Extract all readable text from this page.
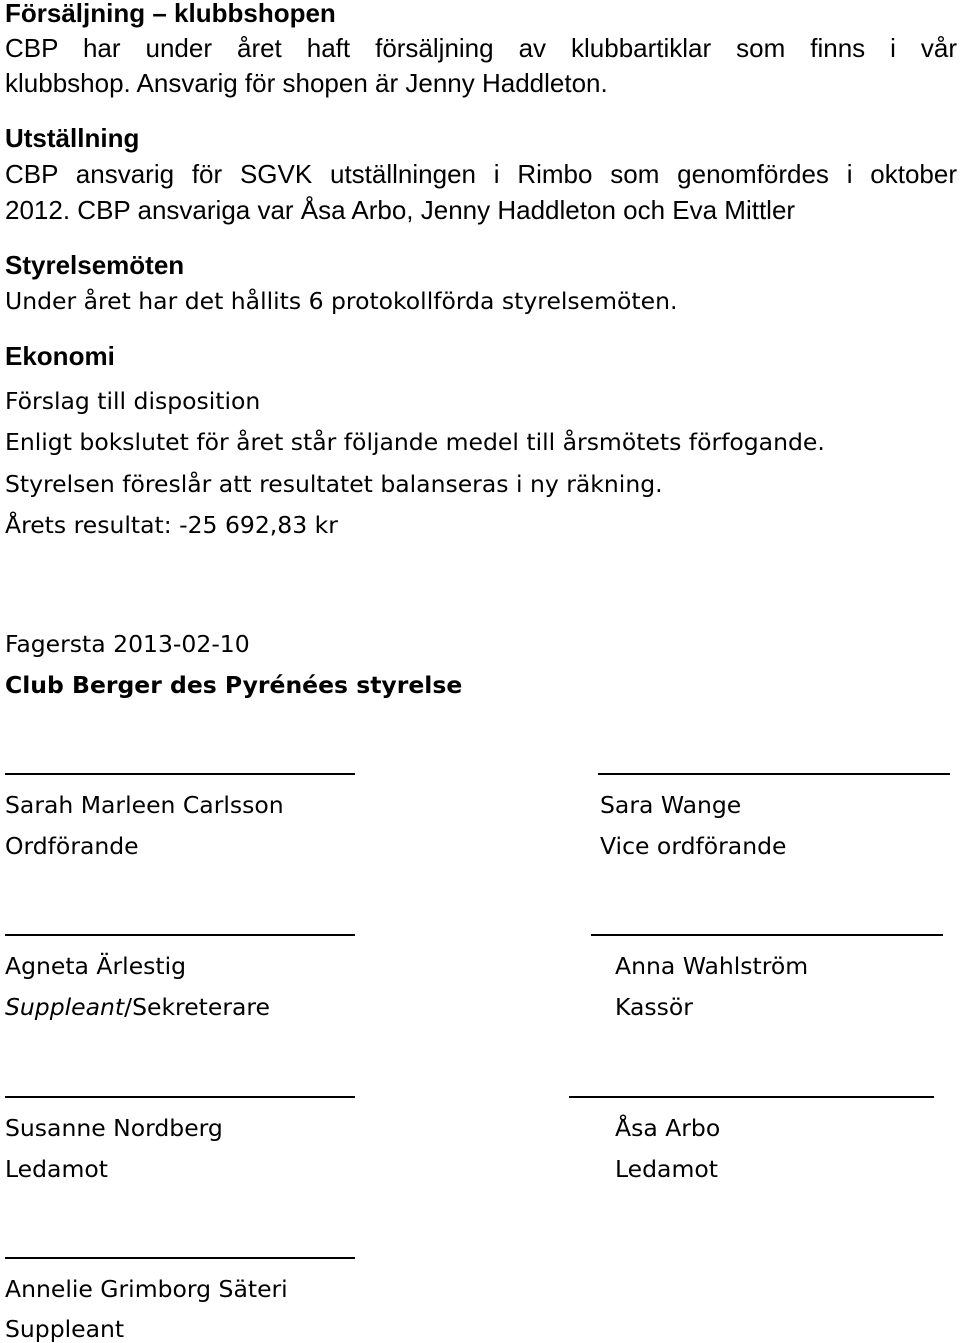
Försäljning – klubbshopen
CBP har under året haft försäljning av klubbartiklar som finns i vår
klubbshop. Ansvarig för shopen är Jenny Haddleton.
Utställning
CBP ansvarig för SGVK utställningen i Rimbo som genomfördes i oktober
2012. CBP ansvariga var Åsa Arbo, Jenny Haddleton och Eva Mittler
Styrelsemöten
Under året har det hållits 6 protokollförda styrelsemöten.
Ekonomi
Förslag till disposition
Enligt bokslutet för året står följande medel till årsmötets förfogande.
Styrelsen föreslår att resultatet balanseras i ny räkning.
Årets resultat: -25 692,83 kr
Fagersta 2013-02-10
Club Berger des Pyrénées styrelse
Sarah Marleen Carlsson
Ordförande
Sara Wange
Vice ordförande
Agneta Ärlestig
Suppleant/Sekreterare
Anna Wahlström
Kassör
Susanne Nordberg
Ledamot
Åsa Arbo
Ledamot
Annelie Grimborg Säteri
Suppleant
